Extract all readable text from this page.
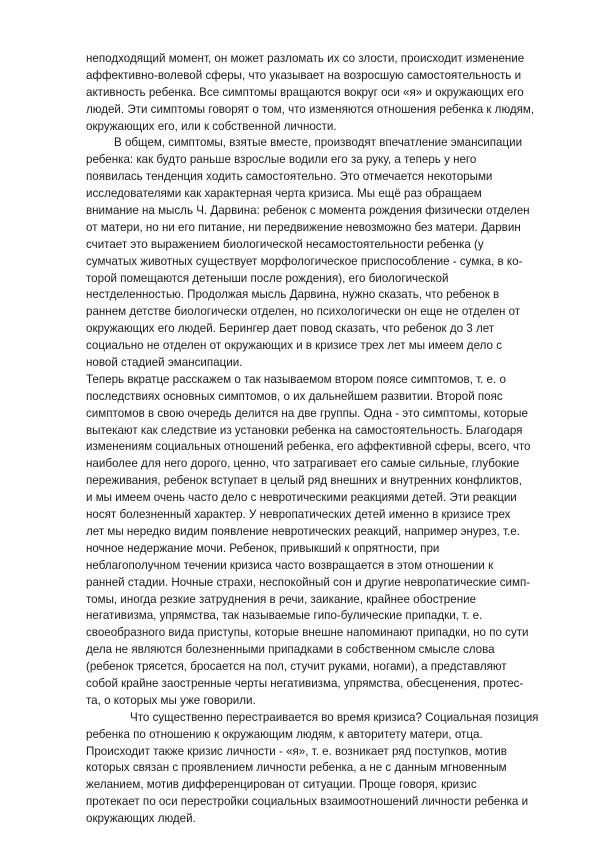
неподходящий момент, он может разломать их со злости, происходит изменение
аффективно-волевой сферы, что указывает на возросшую самостоятельность и
активность ребенка. Все симптомы вращаются вокруг оси «я» и окружающих его
людей. Эти симптомы говорят о том, что изменяются отношения ребенка к людям,
окружающих его, или к собственной личности.
В общем, симптомы, взятые вместе, производят впечатление эмансипации
ребенка: как будто раньше взрослые водили его за руку, а теперь у него
появилась тенденция ходить самостоятельно. Это отмечается некоторыми
исследователями как характерная черта кризиса. Мы ещё раз обращаем
внимание на мысль Ч. Дарвина: ребенок с момента рождения физически отделен
от матери, но ни его питание, ни передвижение невозможно без матери. Дарвин
считает это выражением биологической несамостоятельности ребенка (у
сумчатых животных существует морфологическое приспособление - сумка, в ко-
торой помещаются детеныши после рождения), его биологической
нестделенностью. Продолжая мысль Дарвина, нужно сказать, что ребенок в
раннем детстве биологически отделен, но психологически он еще не отделен от
окружающих его людей. Берингер дает повод сказать, что ребенок до 3 лет
социально не отделен от окружающих и в кризисе трех лет мы имеем дело с
новой стадией эмансипации.
Теперь вкратце расскажем о так называемом втором поясе симптомов, т. е. о
последствиях основных симптомов, о их дальнейшем развитии. Второй пояс
симптомов в свою очередь делится на две группы. Одна - это симптомы, которые
вытекают как следствие из установки ребенка на самостоятельность. Благодаря
изменениям социальных отношений ребенка, его аффективной сферы, всего, что
наиболее для него дорого, ценно, что затрагивает его самые сильные, глубокие
переживания, ребенок вступает в целый ряд внешних и внутренних конфликтов,
и мы имеем очень часто дело с невротическими реакциями детей. Эти реакции
носят болезненный характер. У невропатических детей именно в кризисе трех
лет мы нередко видим появление невротических реакций, например энурез, т.е.
ночное недержание мочи. Ребенок, привыкший к опрятности, при
неблагополучном течении кризиса часто возвращается в этом отношении к
ранней стадии. Ночные страхи, неспокойный сон и другие невропатические симп-
томы, иногда резкие затруднения в речи, заикание, крайнее обострение
негативизма, упрямства, так называемые гипо-булические припадки, т. е.
своеобразного вида приступы, которые внешне напоминают припадки, но по сути
дела не являются болезненными припадками в собственном смысле слова
(ребенок трясется, бросается на пол, стучит руками, ногами), а представляют
собой крайне заостренные черты негативизма, упрямства, обесценения, протес-
та, о которых мы уже говорили.
Что существенно перестраивается во время кризиса? Социальная позиция
ребенка по отношению к окружающим людям, к авторитету матери, отца.
Происходит также кризис личности - «я», т. е. возникает ряд поступков, мотив
которых связан с проявлением личности ребенка, а не с данным мгновенным
желанием, мотив дифференцирован от ситуации. Проще говоря, кризис
протекает по оси перестройки социальных взаимоотношений личности ребенка и
окружающих людей.
